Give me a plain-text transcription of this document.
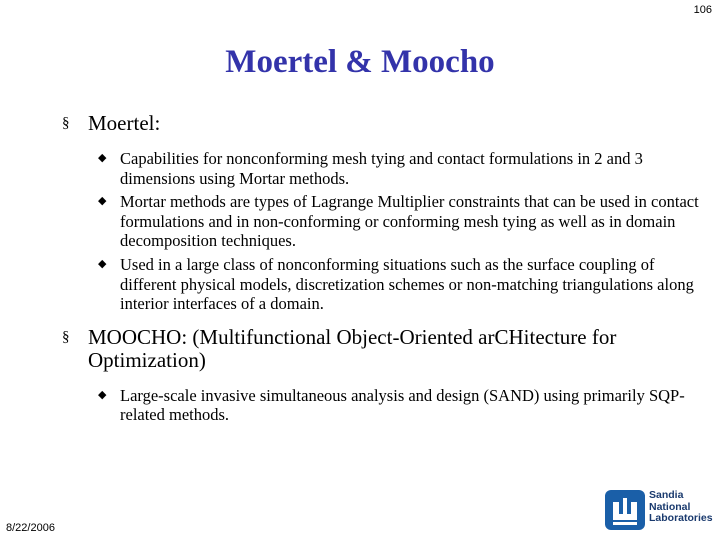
106
Moertel & Moocho
§ Moertel:
◆ Capabilities for nonconforming mesh tying and contact formulations in 2 and 3 dimensions using Mortar methods.
◆ Mortar methods are types of Lagrange Multiplier constraints that can be used in contact formulations and in non-conforming or conforming mesh tying as well as in domain decomposition techniques.
◆ Used in a large class of nonconforming situations such as the surface coupling of different physical models, discretization schemes or non-matching triangulations along interior interfaces of a domain.
§ MOOCHO: (Multifunctional Object-Oriented arCHitecture for Optimization)
◆ Large-scale invasive simultaneous analysis and design (SAND) using primarily SQP-related methods.
8/22/2006
Sandia
National
Laboratories
